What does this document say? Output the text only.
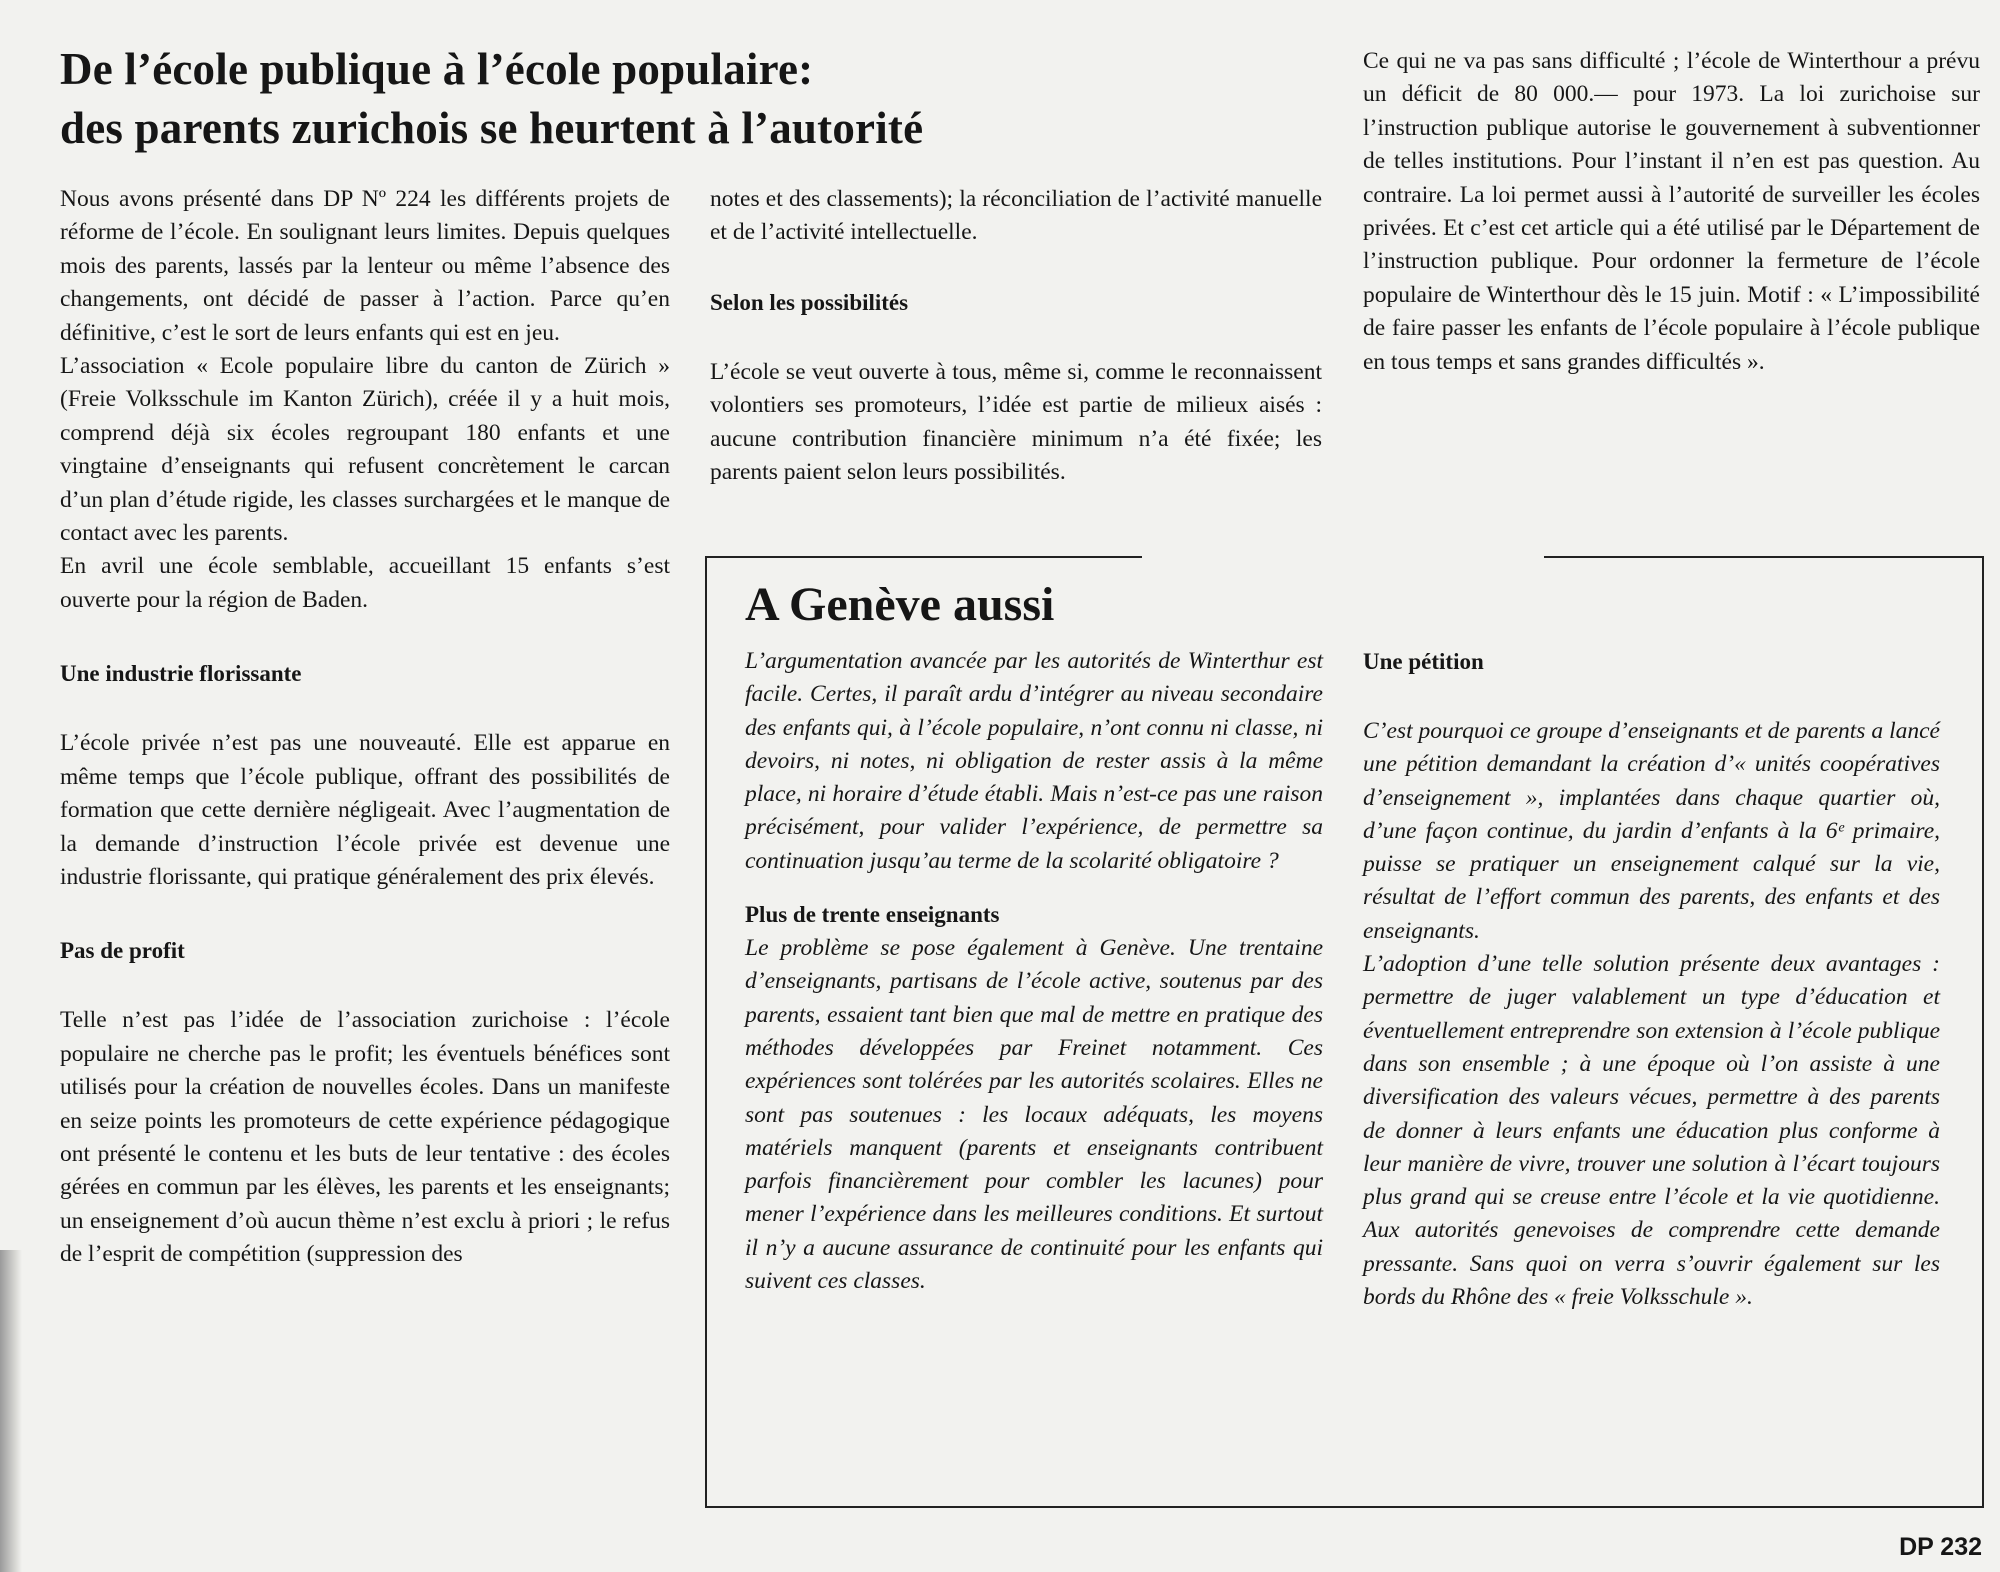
De l’école publique à l’école populaire:
des parents zurichois se heurtent à l’autorité

Nous avons présenté dans DP Nº 224 les différents projets de réforme de l’école. En soulignant leurs limites. Depuis quelques mois des parents, lassés par la lenteur ou même l’absence des changements, ont décidé de passer à l’action. Parce qu’en définitive, c’est le sort de leurs enfants qui est en jeu.

L’association « Ecole populaire libre du canton de Zürich » (Freie Volksschule im Kanton Zürich), créée il y a huit mois, comprend déjà six écoles regroupant 180 enfants et une vingtaine d’enseignants qui refusent concrètement le carcan d’un plan d’étude rigide, les classes surchargées et le manque de contact avec les parents.

En avril une école semblable, accueillant 15 enfants s’est ouverte pour la région de Baden.

Une industrie florissante

L’école privée n’est pas une nouveauté. Elle est apparue en même temps que l’école publique, offrant des possibilités de formation que cette dernière négligeait. Avec l’augmentation de la demande d’instruction l’école privée est devenue une industrie florissante, qui pratique généralement des prix élevés.

Pas de profit

Telle n’est pas l’idée de l’association zurichoise : l’école populaire ne cherche pas le profit; les éventuels bénéfices sont utilisés pour la création de nouvelles écoles. Dans un manifeste en seize points les promoteurs de cette expérience pédagogique ont présenté le contenu et les buts de leur tentative : des écoles gérées en commun par les élèves, les parents et les enseignants; un enseignement d’où aucun thème n’est exclu à priori ; le refus de l’esprit de compétition (suppression des

notes et des classements); la réconciliation de l’activité manuelle et de l’activité intellectuelle.

Selon les possibilités

L’école se veut ouverte à tous, même si, comme le reconnaissent volontiers ses promoteurs, l’idée est partie de milieux aisés : aucune contribution financière minimum n’a été fixée; les parents paient selon leurs possibilités.

Ce qui ne va pas sans difficulté ; l’école de Winterthour a prévu un déficit de 80 000.— pour 1973. La loi zurichoise sur l’instruction publique autorise le gouvernement à subventionner de telles institutions. Pour l’instant il n’en est pas question. Au contraire. La loi permet aussi à l’autorité de surveiller les écoles privées. Et c’est cet article qui a été utilisé par le Département de l’instruction publique. Pour ordonner la fermeture de l’école populaire de Winterthour dès le 15 juin. Motif : « L’impossibilité de faire passer les enfants de l’école populaire à l’école publique en tous temps et sans grandes difficultés ».

A Genève aussi

L’argumentation avancée par les autorités de Winterthur est facile. Certes, il paraît ardu d’intégrer au niveau secondaire des enfants qui, à l’école populaire, n’ont connu ni classe, ni devoirs, ni notes, ni obligation de rester assis à la même place, ni horaire d’étude établi. Mais n’est-ce pas une raison précisément, pour valider l’expérience, de permettre sa continuation jusqu’au terme de la scolarité obligatoire ?

Plus de trente enseignants

Le problème se pose également à Genève. Une trentaine d’enseignants, partisans de l’école active, soutenus par des parents, essaient tant bien que mal de mettre en pratique des méthodes développées par Freinet notamment. Ces expériences sont tolérées par les autorités scolaires. Elles ne sont pas soutenues : les locaux adéquats, les moyens matériels manquent (parents et enseignants contribuent parfois financièrement pour combler les lacunes) pour mener l’expérience dans les meilleures conditions. Et surtout il n’y a aucune assurance de continuité pour les enfants qui suivent ces classes.

Une pétition

C’est pourquoi ce groupe d’enseignants et de parents a lancé une pétition demandant la création d’« unités coopératives d’enseignement », implantées dans chaque quartier où, d’une façon continue, du jardin d’enfants à la 6ᵉ primaire, puisse se pratiquer un enseignement calqué sur la vie, résultat de l’effort commun des parents, des enfants et des enseignants.

L’adoption d’une telle solution présente deux avantages : permettre de juger valablement un type d’éducation et éventuellement entreprendre son extension à l’école publique dans son ensemble ; à une époque où l’on assiste à une diversification des valeurs vécues, permettre à des parents de donner à leurs enfants une éducation plus conforme à leur manière de vivre, trouver une solution à l’écart toujours plus grand qui se creuse entre l’école et la vie quotidienne. Aux autorités genevoises de comprendre cette demande pressante. Sans quoi on verra s’ouvrir également sur les bords du Rhône des « freie Volksschule ».

DP 232
